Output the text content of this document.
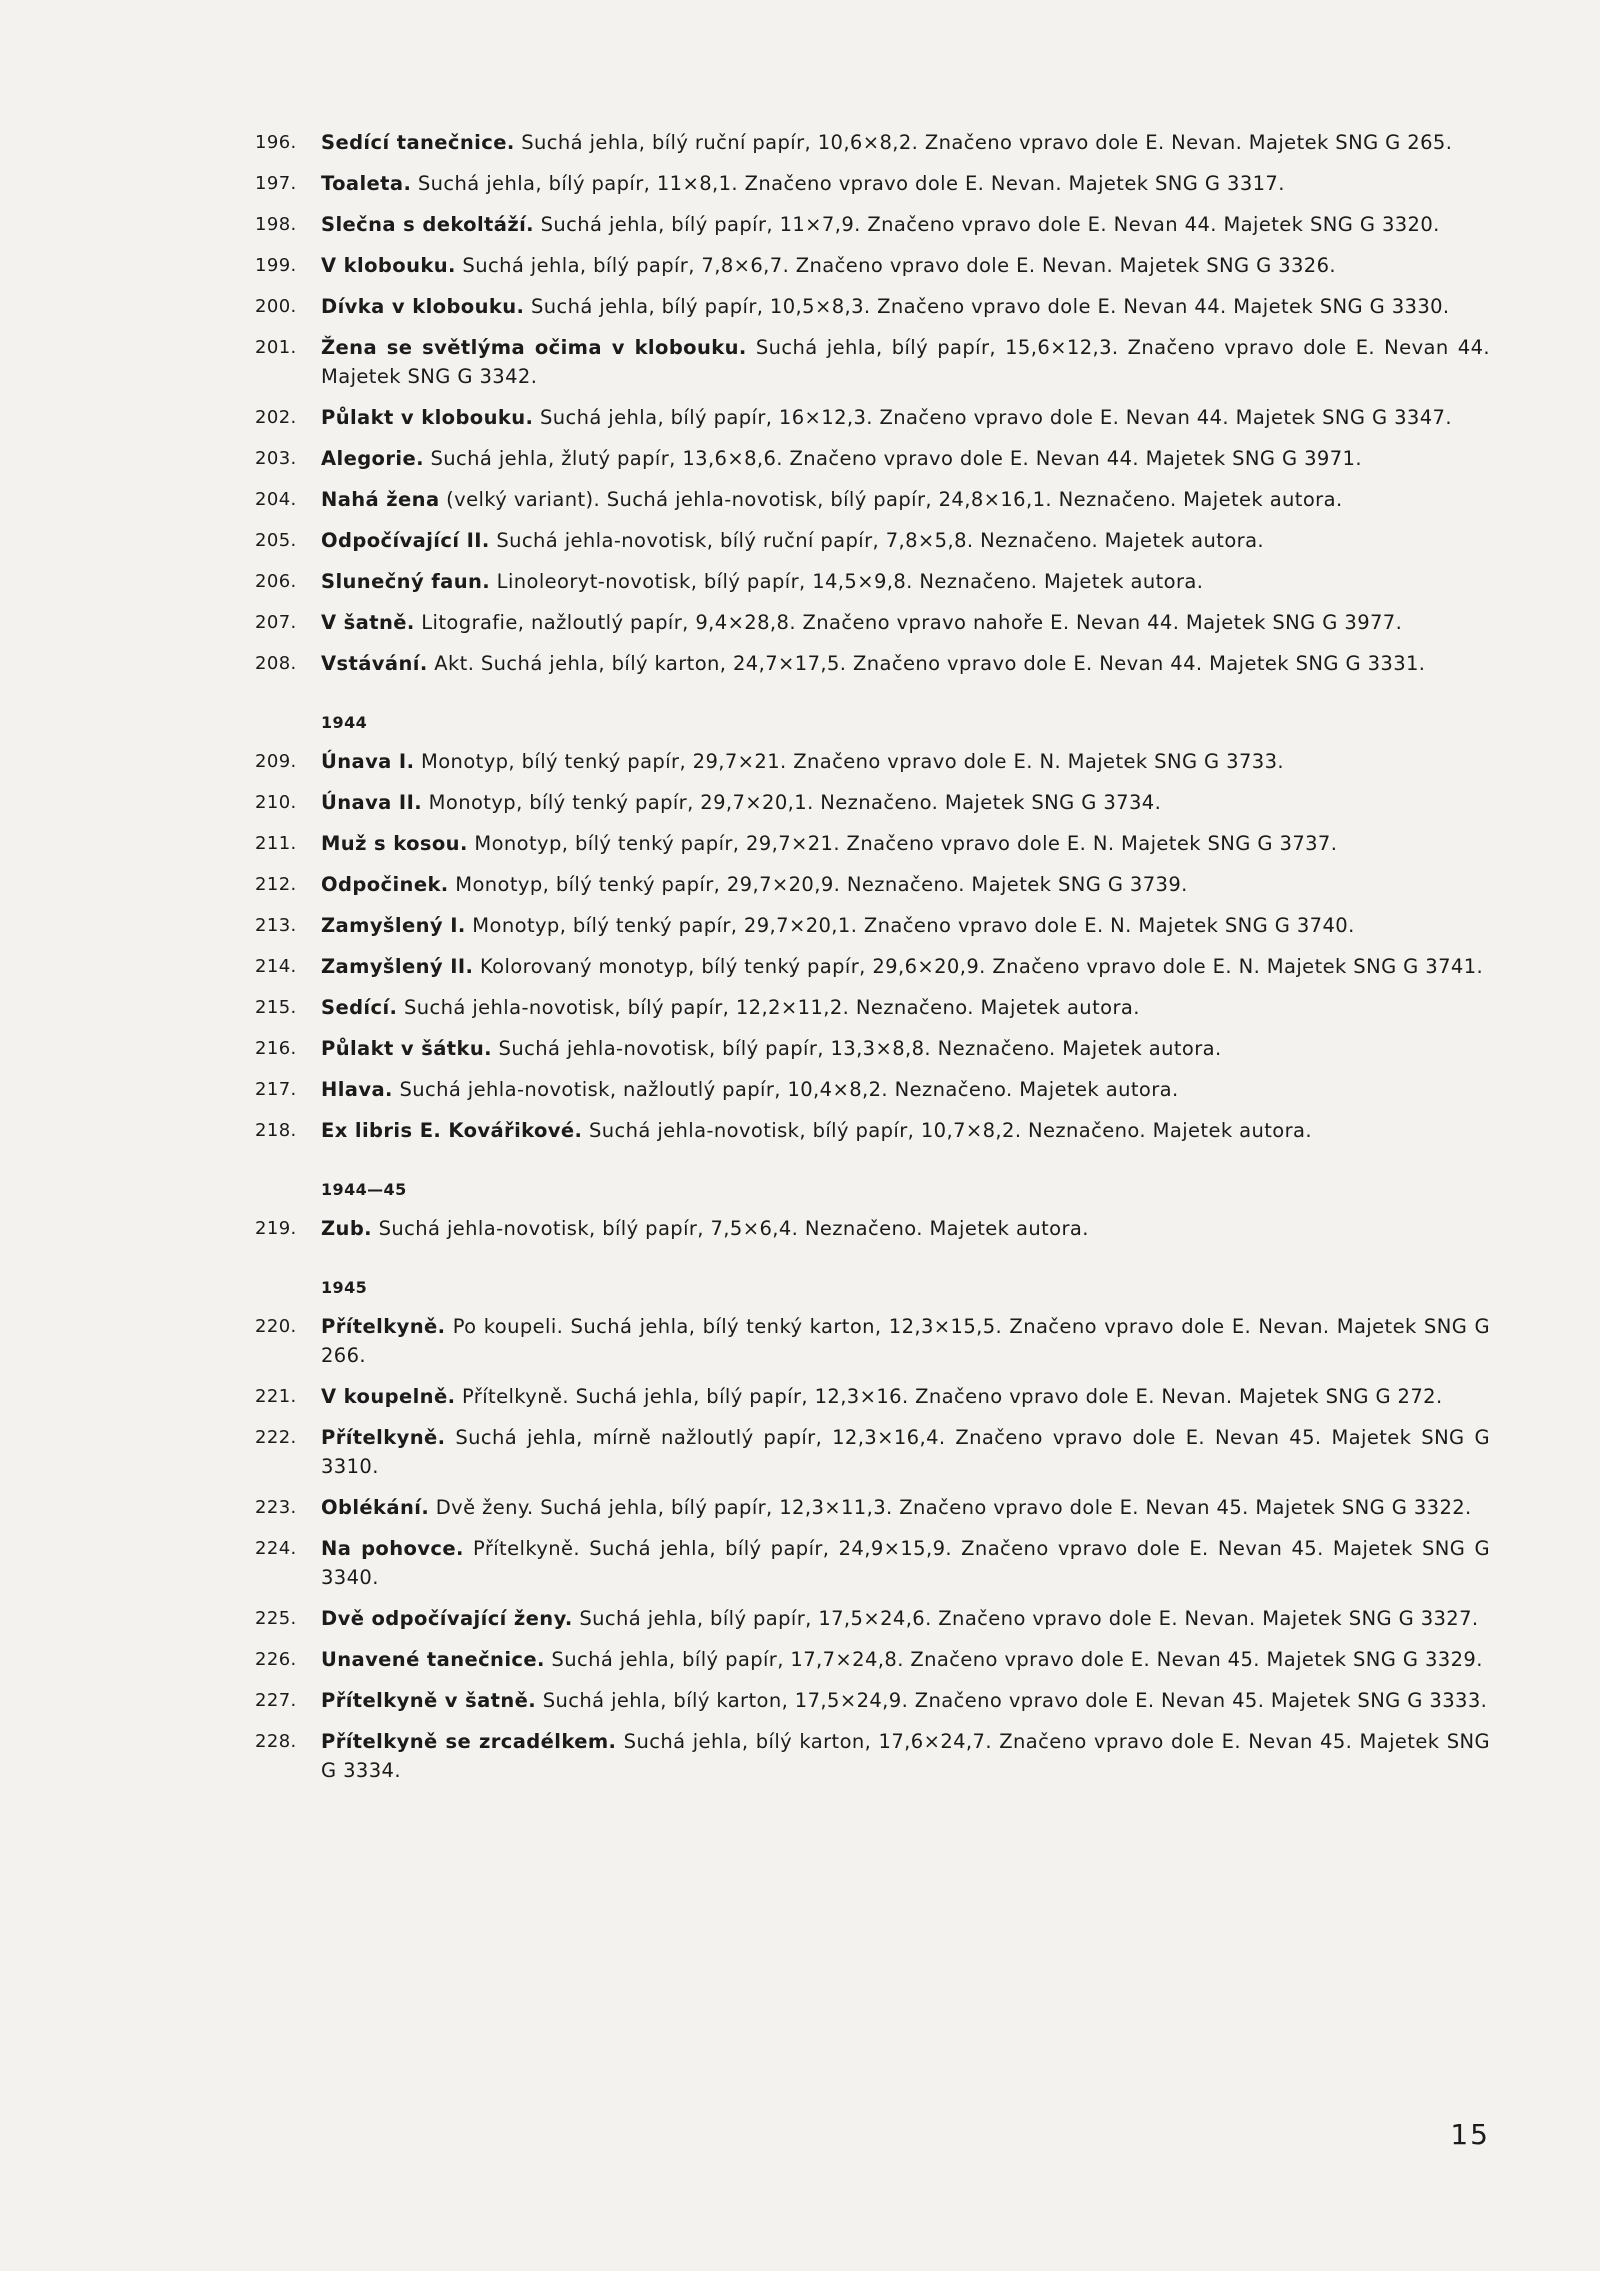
196.	Sedící tanečnice. Suchá jehla, bílý ruční papír, 10,6×8,2. Značeno vpravo dole E. Nevan. Majetek SNG G 265.
197.	Toaleta. Suchá jehla, bílý papír, 11×8,1. Značeno vpravo dole E. Nevan. Majetek SNG G 3317.
198.	Slečna s dekoltáží. Suchá jehla, bílý papír, 11×7,9. Značeno vpravo dole E. Nevan 44. Majetek SNG G 3320.
199.	V klobouku. Suchá jehla, bílý papír, 7,8×6,7. Značeno vpravo dole E. Nevan. Majetek SNG G 3326.
200.	Dívka v klobouku. Suchá jehla, bílý papír, 10,5×8,3. Značeno vpravo dole E. Nevan 44. Majetek SNG G 3330.
201.	Žena se světlýma očima v klobouku. Suchá jehla, bílý papír, 15,6×12,3. Značeno vpravo dole E. Nevan 44. Majetek SNG G 3342.
202.	Půlakt v klobouku. Suchá jehla, bílý papír, 16×12,3. Značeno vpravo dole E. Nevan 44. Majetek SNG G 3347.
203.	Alegorie. Suchá jehla, žlutý papír, 13,6×8,6. Značeno vpravo dole E. Nevan 44. Majetek SNG G 3971.
204.	Nahá žena (velký variant). Suchá jehla-novotisk, bílý papír, 24,8×16,1. Neznačeno. Majetek autora.
205.	Odpočívající II. Suchá jehla-novotisk, bílý ruční papír, 7,8×5,8. Neznačeno. Majetek autora.
206.	Slunečný faun. Linoleoryt-novotisk, bílý papír, 14,5×9,8. Neznačeno. Majetek autora.
207.	V šatně. Litografie, nažloutlý papír, 9,4×28,8. Značeno vpravo nahoře E. Nevan 44. Majetek SNG G 3977.
208.	Vstávání. Akt. Suchá jehla, bílý karton, 24,7×17,5. Značeno vpravo dole E. Nevan 44. Majetek SNG G 3331.
1944
209.	Únava I. Monotyp, bílý tenký papír, 29,7×21. Značeno vpravo dole E. N. Majetek SNG G 3733.
210.	Únava II. Monotyp, bílý tenký papír, 29,7×20,1. Neznačeno. Majetek SNG G 3734.
211.	Muž s kosou. Monotyp, bílý tenký papír, 29,7×21. Značeno vpravo dole E. N. Majetek SNG G 3737.
212.	Odpočinek. Monotyp, bílý tenký papír, 29,7×20,9. Neznačeno. Majetek SNG G 3739.
213.	Zamyšlený I. Monotyp, bílý tenký papír, 29,7×20,1. Značeno vpravo dole E. N. Majetek SNG G 3740.
214.	Zamyšlený II. Kolorovaný monotyp, bílý tenký papír, 29,6×20,9. Značeno vpravo dole E. N. Majetek SNG G 3741.
215.	Sedící. Suchá jehla-novotisk, bílý papír, 12,2×11,2. Neznačeno. Majetek autora.
216.	Půlakt v šátku. Suchá jehla-novotisk, bílý papír, 13,3×8,8. Neznačeno. Majetek autora.
217.	Hlava. Suchá jehla-novotisk, nažloutlý papír, 10,4×8,2. Neznačeno. Majetek autora.
218.	Ex libris E. Kovářikové. Suchá jehla-novotisk, bílý papír, 10,7×8,2. Neznačeno. Majetek autora.
1944—45
219.	Zub. Suchá jehla-novotisk, bílý papír, 7,5×6,4. Neznačeno. Majetek autora.
1945
220.	Přítelkyně. Po koupeli. Suchá jehla, bílý tenký karton, 12,3×15,5. Značeno vpravo dole E. Nevan. Majetek SNG G 266.
221.	V koupelně. Přítelkyně. Suchá jehla, bílý papír, 12,3×16. Značeno vpravo dole E. Nevan. Majetek SNG G 272.
222.	Přítelkyně. Suchá jehla, mírně nažloutlý papír, 12,3×16,4. Značeno vpravo dole E. Nevan 45. Majetek SNG G 3310.
223.	Oblékání. Dvě ženy. Suchá jehla, bílý papír, 12,3×11,3. Značeno vpravo dole E. Nevan 45. Majetek SNG G 3322.
224.	Na pohovce. Přítelkyně. Suchá jehla, bílý papír, 24,9×15,9. Značeno vpravo dole E. Nevan 45. Majetek SNG G 3340.
225.	Dvě odpočívající ženy. Suchá jehla, bílý papír, 17,5×24,6. Značeno vpravo dole E. Nevan. Majetek SNG G 3327.
226.	Unavené tanečnice. Suchá jehla, bílý papír, 17,7×24,8. Značeno vpravo dole E. Nevan 45. Majetek SNG G 3329.
227.	Přítelkyně v šatně. Suchá jehla, bílý karton, 17,5×24,9. Značeno vpravo dole E. Nevan 45. Majetek SNG G 3333.
228.	Přítelkyně se zrcadélkem. Suchá jehla, bílý karton, 17,6×24,7. Značeno vpravo dole E. Nevan 45. Majetek SNG G 3334.
15
